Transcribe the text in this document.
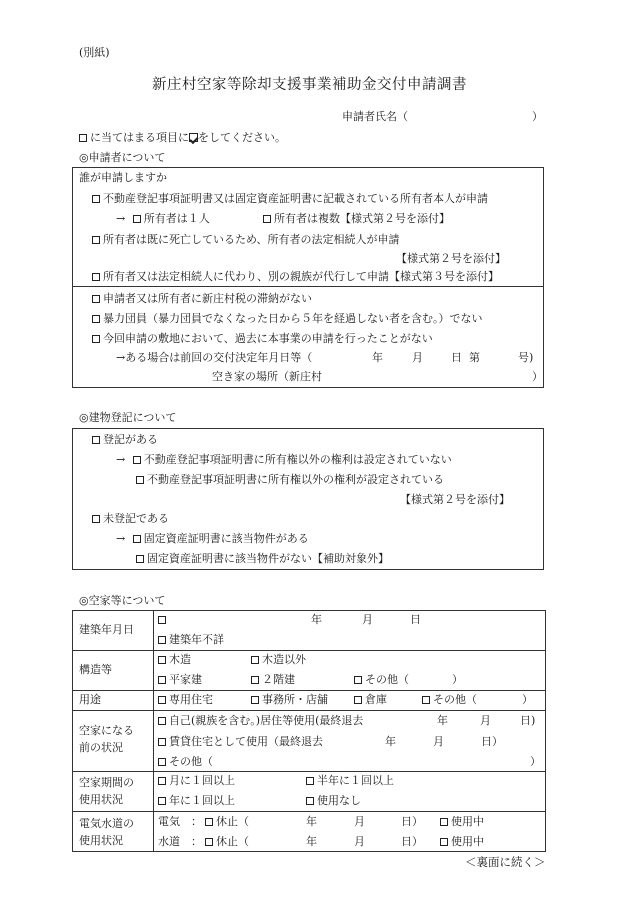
(別紙)
新庄村空家等除却支援事業補助金交付申請調書
申請者氏名（	）
に当てはまる項目に をしてください。
◎申請者について
誰が申請しますか
不動産登記事項証明書又は固定資産証明書に記載されている所有者本人が申請
→ 所有者は１人	所有者は複数【様式第２号を添付】
所有者は既に死亡しているため、所有者の法定相続人が申請
【様式第２号を添付】
所有者又は法定相続人に代わり、別の親族が代行して申請【様式第３号を添付】
申請者又は所有者に新庄村税の滞納がない
暴力団員（暴力団員でなくなった日から５年を経過しない者を含む。）でない
今回申請の敷地において、過去に本事業の申請を行ったことがない
→ある場合は前回の交付決定年月日等（	年	月	日 第	号)
空き家の場所（新庄村	）
◎建物登記について
登記がある
→ 不動産登記事項証明書に所有権以外の権利は設定されていない
不動産登記事項証明書に所有権以外の権利が設定されている
【様式第２号を添付】
未登記である
→ 固定資産証明書に該当物件がある
固定資産証明書に該当物件がない【補助対象外】
◎空家等について
建築年月日
年	月	日
建築年不詳
構造等
木造	木造以外
平家建	２階建	その他（	）
用途	専用住宅	事務所・店舗	倉庫	その他（	）
空家になる
前の状況
自己(親族を含む。)居住等使用(最終退去	年	月	日)
賃貸住宅として使用（最終退去	年	月	日）
その他（	）
空家期間の
使用状況
月に１回以上	半年に１回以上
年に１回以上	使用なし
電気水道の
使用状況
電気　：	休止（	年	月	日）	使用中
水道　：	休止（	年	月	日）	使用中
＜裏面に続く＞
